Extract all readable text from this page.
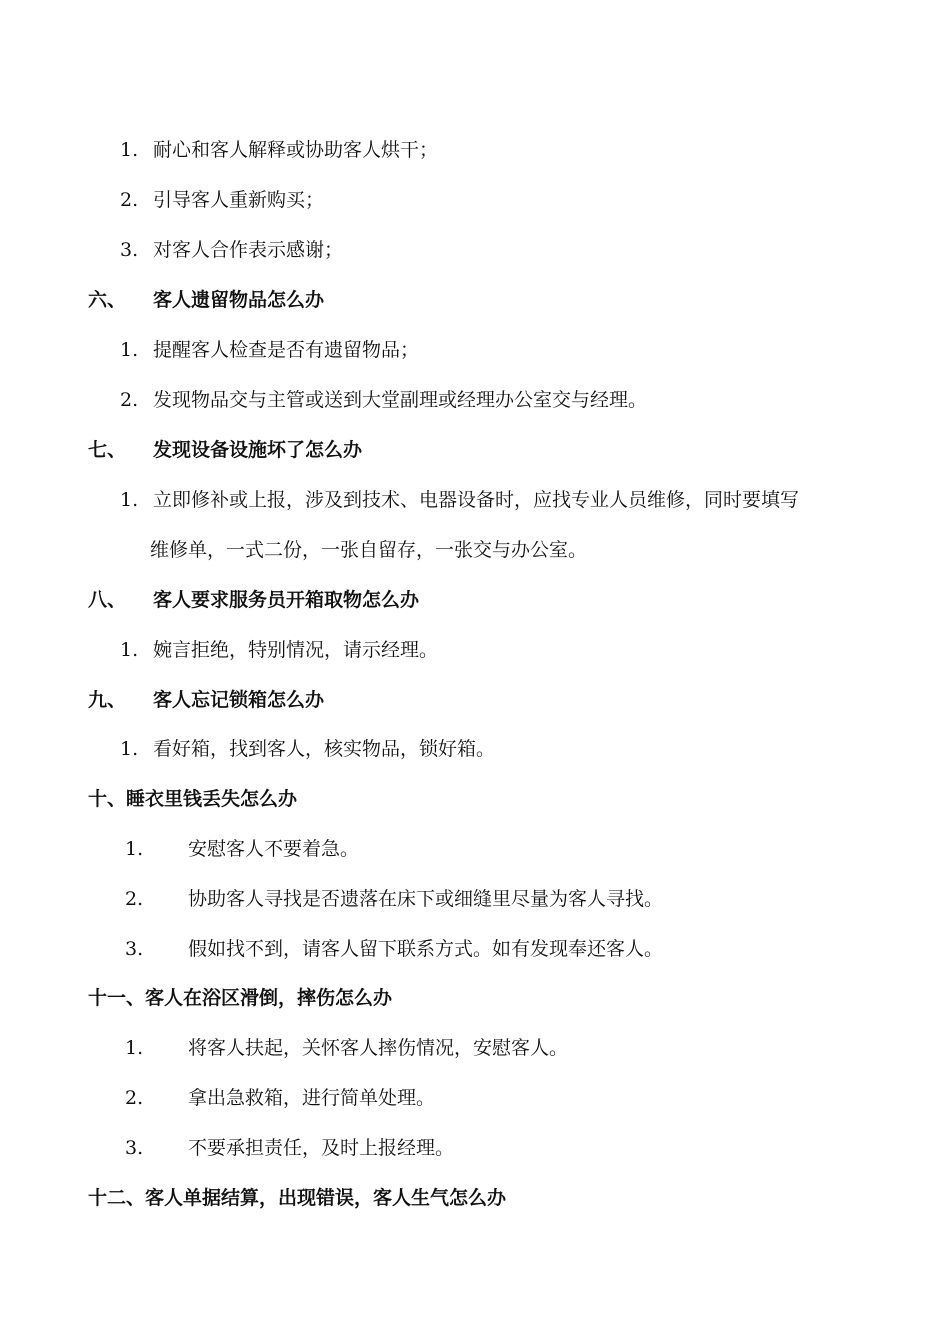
1. 耐心和客人解释或协助客人烘干；
2. 引导客人重新购买；
3. 对客人合作表示感谢；
六、 客人遗留物品怎么办
1. 提醒客人检查是否有遗留物品；
2. 发现物品交与主管或送到大堂副理或经理办公室交与经理。
七、 发现设备设施坏了怎么办
1. 立即修补或上报，涉及到技术、电器设备时，应找专业人员维修，同时要填写
维修单，一式二份，一张自留存，一张交与办公室。
八、 客人要求服务员开箱取物怎么办
1. 婉言拒绝，特别情况，请示经理。
九、 客人忘记锁箱怎么办
1. 看好箱，找到客人，核实物品，锁好箱。
十、睡衣里钱丢失怎么办
1. 安慰客人不要着急。
2. 协助客人寻找是否遗落在床下或细缝里尽量为客人寻找。
3. 假如找不到，请客人留下联系方式。如有发现奉还客人。
十一、客人在浴区滑倒，摔伤怎么办
1. 将客人扶起，关怀客人摔伤情况，安慰客人。
2. 拿出急救箱，进行简单处理。
3. 不要承担责任，及时上报经理。
十二、客人单据结算，出现错误，客人生气怎么办
